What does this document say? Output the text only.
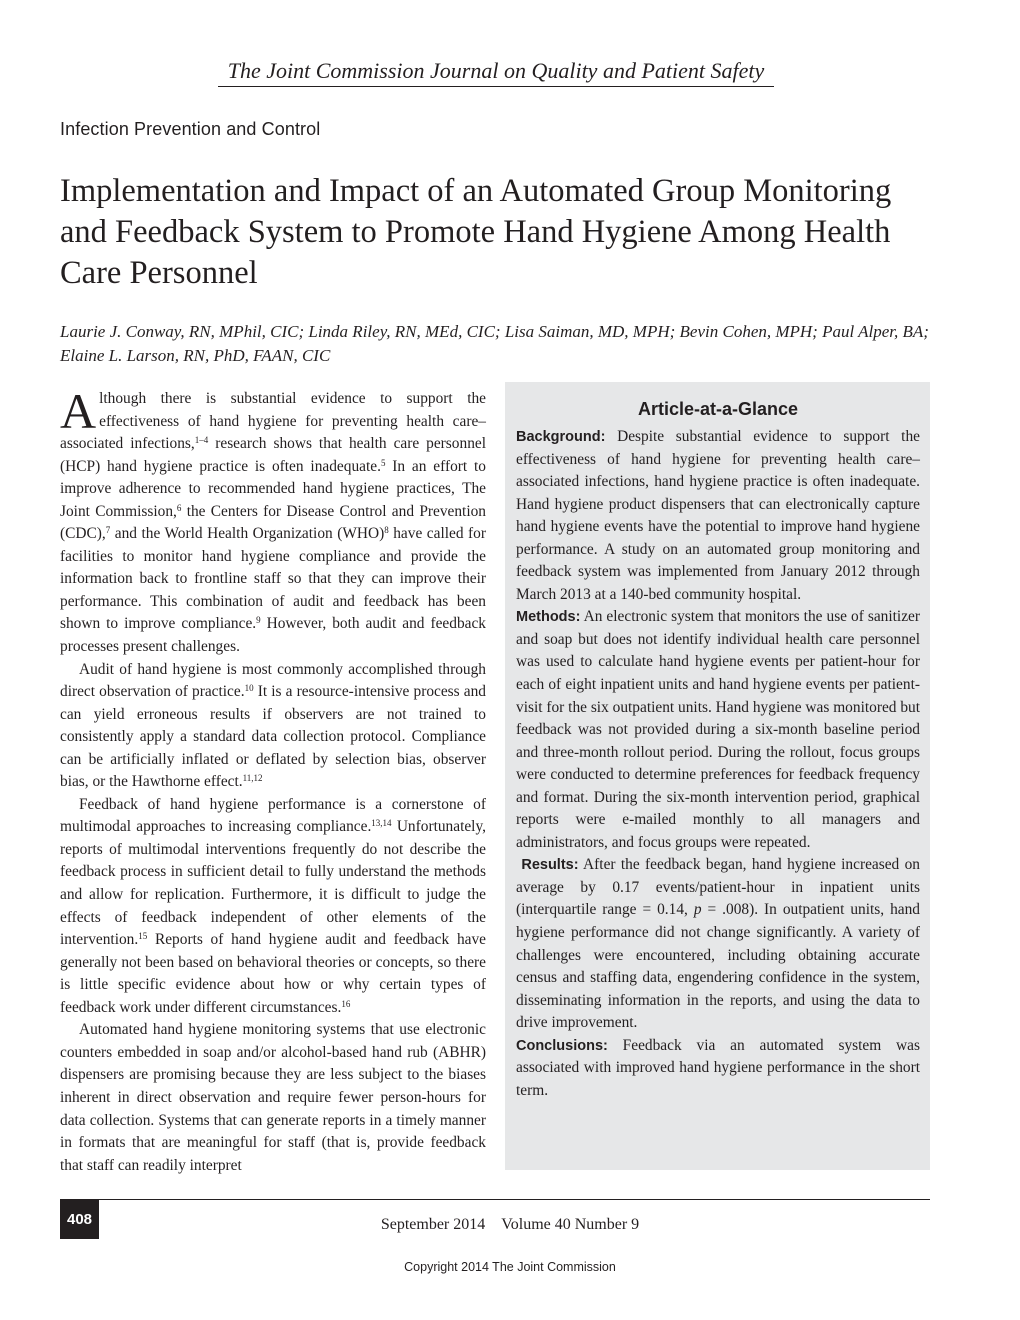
The Joint Commission Journal on Quality and Patient Safety
Infection Prevention and Control
Implementation and Impact of an Automated Group Monitoring and Feedback System to Promote Hand Hygiene Among Health Care Personnel

Laurie J. Conway, RN, MPhil, CIC; Linda Riley, RN, MEd, CIC; Lisa Saiman, MD, MPH; Bevin Cohen, MPH; Paul Alper, BA; Elaine L. Larson, RN, PhD, FAAN, CIC

Although there is substantial evidence to support the effectiveness of hand hygiene for preventing health care–associated infections,$^{1-4}$ research shows that health care personnel (HCP) hand hygiene practice is often inadequate.$^5$ In an effort to improve adherence to recommended hand hygiene practices, The Joint Commission,$^6$ the Centers for Disease Control and Prevention (CDC),$^7$ and the World Health Organization (WHO)$^8$ have called for facilities to monitor hand hygiene compliance and provide the information back to frontline staff so that they can improve their performance. This combination of audit and feedback has been shown to improve compliance.$^9$ However, both audit and feedback processes present challenges.

Audit of hand hygiene is most commonly accomplished through direct observation of practice.$^{10}$ It is a resource-intensive process and can yield erroneous results if observers are not trained to consistently apply a standard data collection protocol. Compliance can be artificially inflated or deflated by selection bias, observer bias, or the Hawthorne effect.$^{11,12}$

Feedback of hand hygiene performance is a cornerstone of multimodal approaches to increasing compliance.$^{13,14}$ Unfortunately, reports of multimodal interventions frequently do not describe the feedback process in sufficient detail to fully understand the methods and allow for replication. Furthermore, it is difficult to judge the effects of feedback independent of other elements of the intervention.$^{15}$ Reports of hand hygiene audit and feedback have generally not been based on behavioral theories or concepts, so there is little specific evidence about how or why certain types of feedback work under different circumstances.$^{16}$

Automated hand hygiene monitoring systems that use electronic counters embedded in soap and/or alcohol-based hand rub (ABHR) dispensers are promising because they are less subject to the biases inherent in direct observation and require fewer person-hours for data collection. Systems that can generate reports in a timely manner in formats that are meaningful for staff (that is, provide feedback that staff can readily interpret

Article-at-a-Glance

Background: Despite substantial evidence to support the effectiveness of hand hygiene for preventing health care–associated infections, hand hygiene practice is often inadequate. Hand hygiene product dispensers that can electronically capture hand hygiene events have the potential to improve hand hygiene performance. A study on an automated group monitoring and feedback system was implemented from January 2012 through March 2013 at a 140-bed community hospital.

Methods: An electronic system that monitors the use of sanitizer and soap but does not identify individual health care personnel was used to calculate hand hygiene events per patient-hour for each of eight inpatient units and hand hygiene events per patient-visit for the six outpatient units. Hand hygiene was monitored but feedback was not provided during a six-month baseline period and three-month rollout period. During the rollout, focus groups were conducted to determine preferences for feedback frequency and format. During the six-month intervention period, graphical reports were e-mailed monthly to all managers and administrators, and focus groups were repeated.

Results: After the feedback began, hand hygiene increased on average by 0.17 events/patient-hour in inpatient units (interquartile range = 0.14, p = .008). In outpatient units, hand hygiene performance did not change significantly. A variety of challenges were encountered, including obtaining accurate census and staffing data, engendering confidence in the system, disseminating information in the reports, and using the data to drive improvement.

Conclusions: Feedback via an automated system was associated with improved hand hygiene performance in the short term.

408	September 2014 Volume 40 Number 9
Copyright 2014 The Joint Commission
